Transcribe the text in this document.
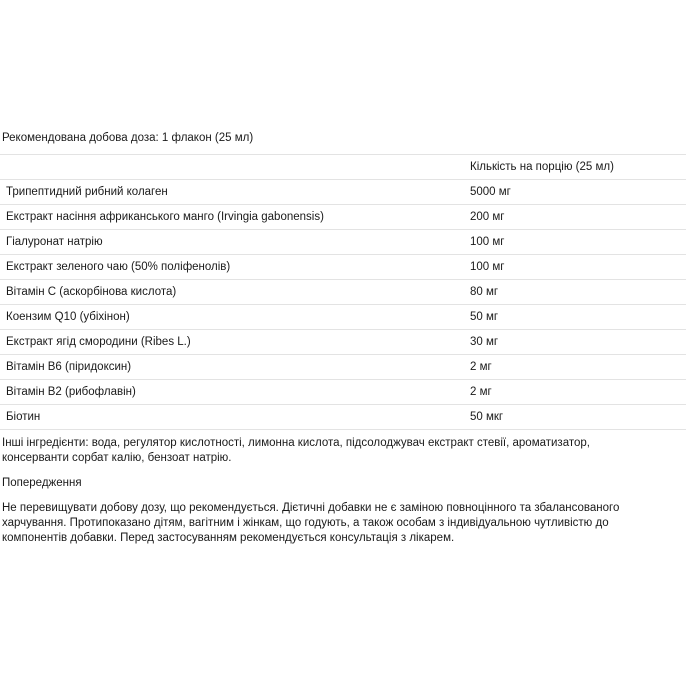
Рекомендована добова доза: 1 флакон (25 мл)
	Кількість на порцію (25 мл)
Трипептидний рибний колаген	5000 мг
Екстракт насіння африканського манго (Irvingia gabonensis)	200 мг
Гіалуронат натрію	100 мг
Екстракт зеленого чаю (50% поліфенолів)	100 мг
Вітамін С (аскорбінова кислота)	80 мг
Коензим Q10 (убіхінон)	50 мг
Екстракт ягід смородини (Ribes L.)	30 мг
Вітамін В6 (піридоксин)	2 мг
Вітамін В2 (рибофлавін)	2 мг
Біотин	50 мкг
Інші інгредієнти: вода, регулятор кислотності, лимонна кислота, підсолоджувач екстракт стевії, ароматизатор, консерванти сорбат калію, бензоат натрію.
Попередження
Не перевищувати добову дозу, що рекомендується. Дієтичні добавки не є заміною повноцінного та збалансованого харчування. Протипоказано дітям, вагітним і жінкам, що годують, а також особам з індивідуальною чутливістю до компонентів добавки. Перед застосуванням рекомендується консультація з лікарем.
